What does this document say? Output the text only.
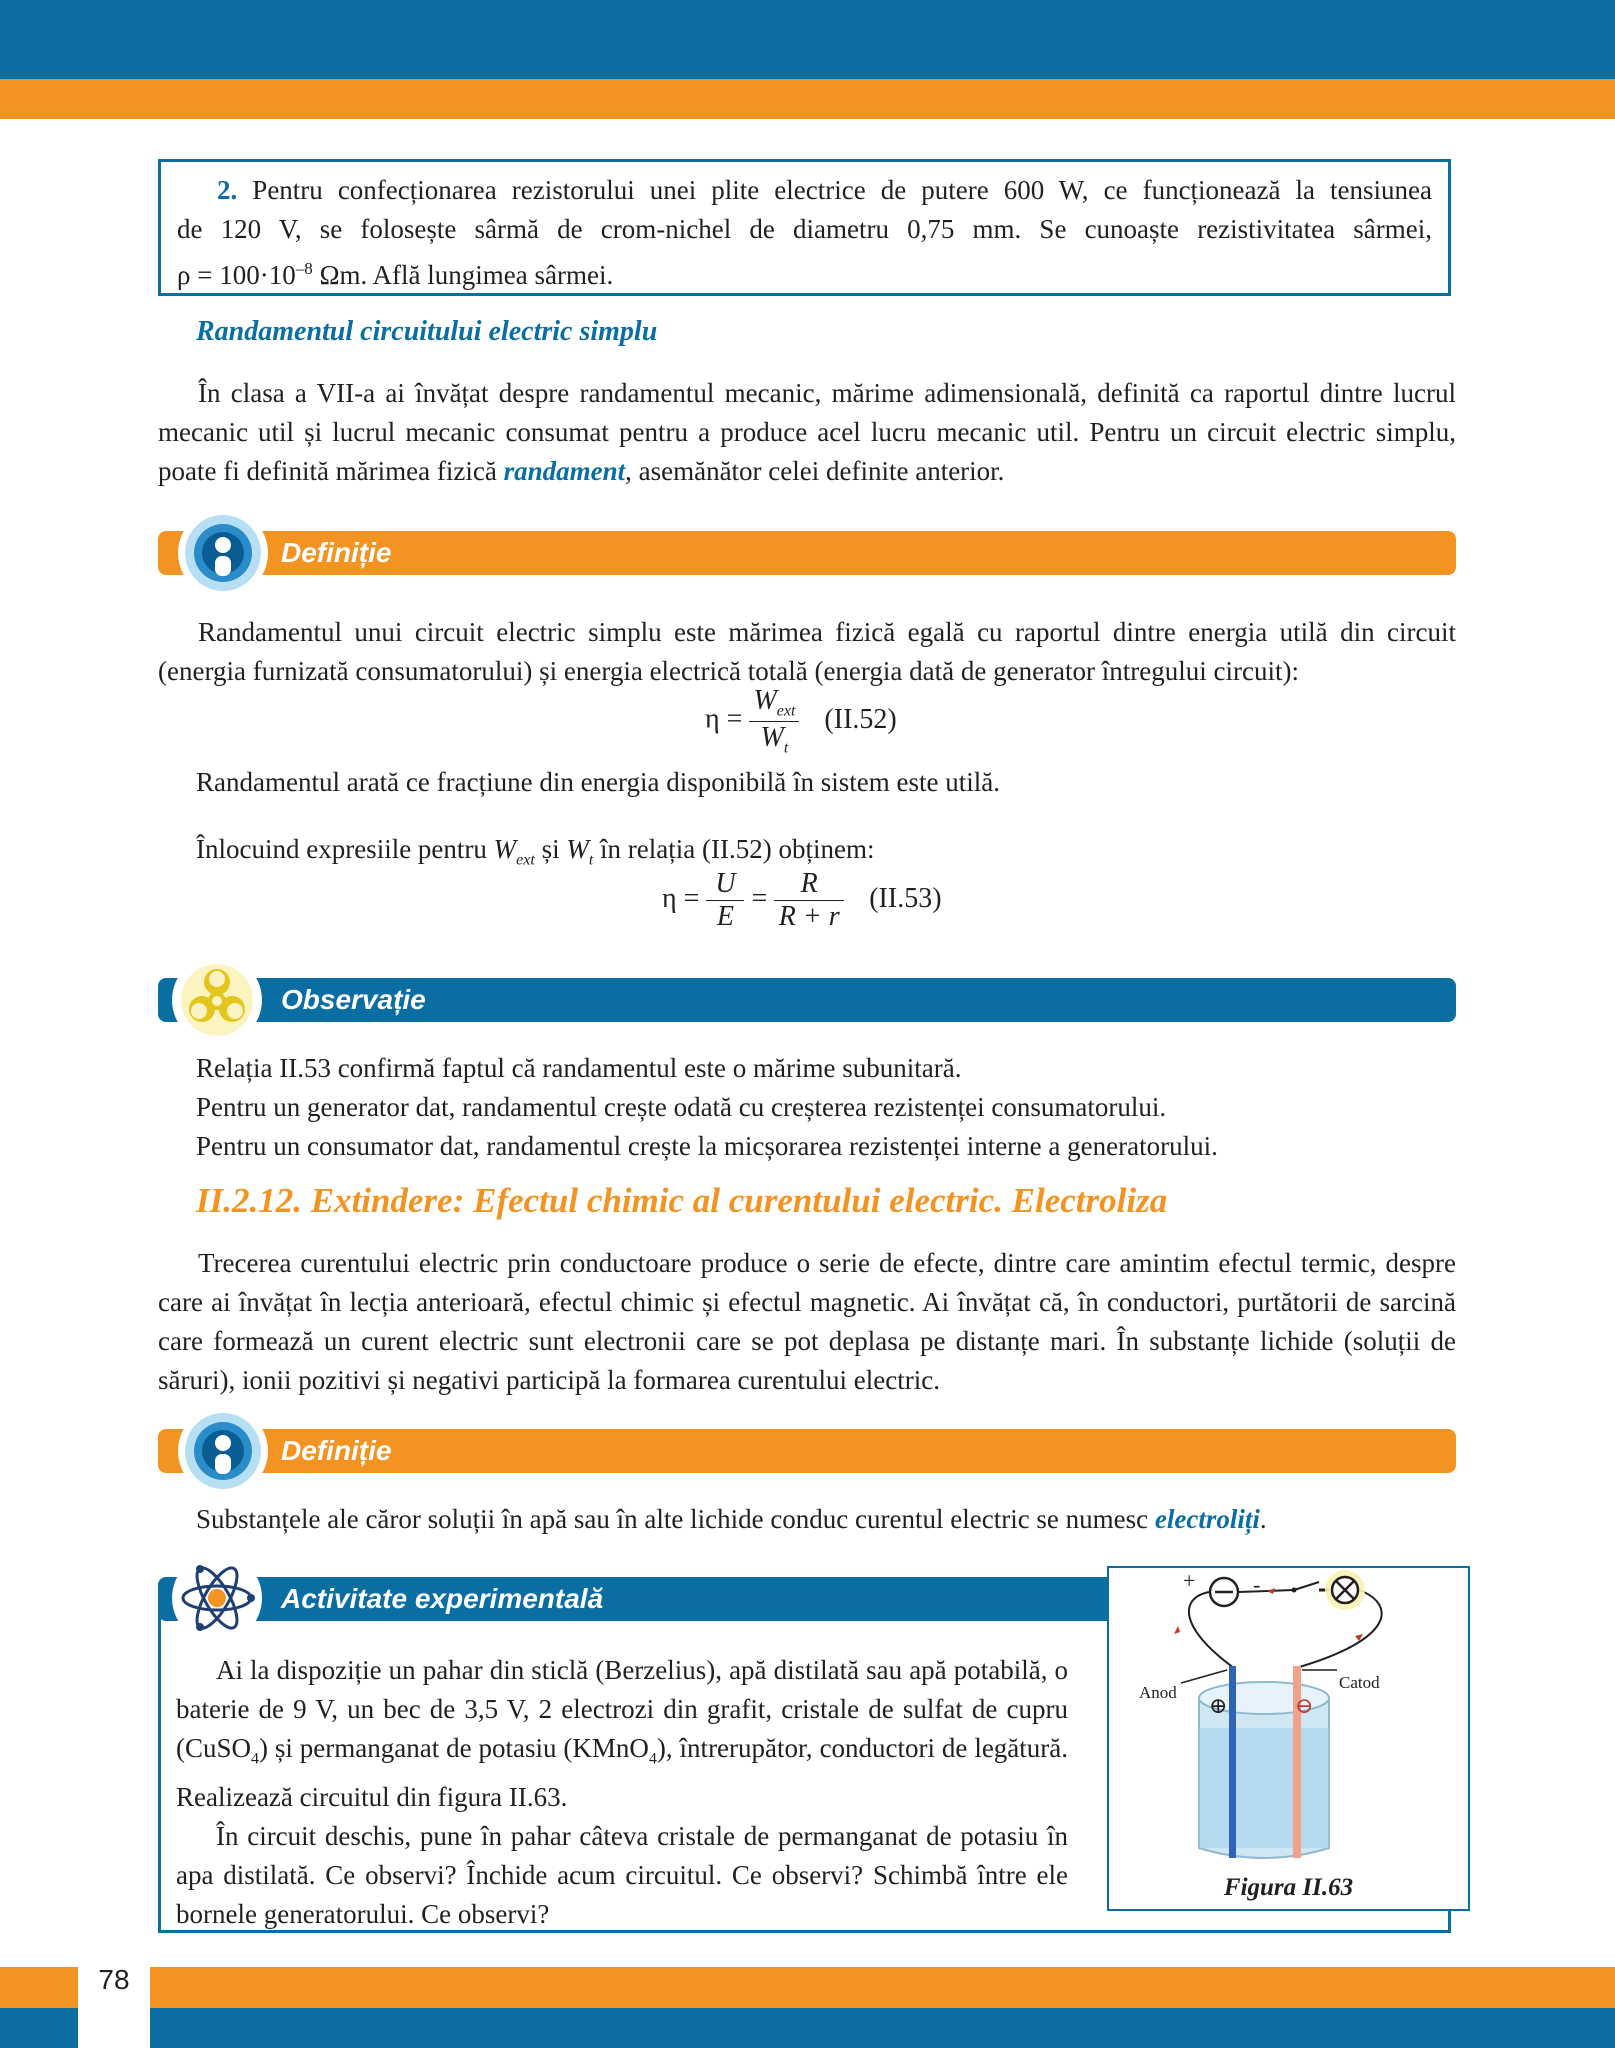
78
2. Pentru confecționarea rezistorului unei plite electrice de putere 600 W, ce funcționează la tensiunea
de 120 V, se folosește sârmă de crom-nichel de diametru 0,75 mm. Se cunoaște rezistivitatea sârmei,
$\rho = 100\cdot 10^{-8}$ Ωm. Află lungimea sârmei.
Randamentul circuitului electric simplu
În clasa a VII-a ai învățat despre randamentul mecanic, mărime adimensională, definită ca raportul dintre lucrul mecanic util și lucrul mecanic consumat pentru a produce acel lucru mecanic util. Pentru un circuit electric simplu, poate fi definită mărimea fizică randament, asemănător celei definite anterior.
Definiție
Randamentul unui circuit electric simplu este mărimea fizică egală cu raportul dintre energia utilă din circuit (energia furnizată consumatorului) și energia electrică totală (energia dată de generator întregului circuit):
$\eta = \frac{W_{ext}}{W_t} (II.52)$
Randamentul arată ce fracțiune din energia disponibilă în sistem este utilă.
Înlocuind expresiile pentru $W_{ext}$ și $W_t$ în relația (II.52) obținem:
$\eta = \frac{U}{E} = \frac{R}{R + r} (II.53)$
Observație
Relația II.53 confirmă faptul că randamentul este o mărime subunitară.
Pentru un generator dat, randamentul crește odată cu creșterea rezistenței consumatorului.
Pentru un consumator dat, randamentul crește la micșorarea rezistenței interne a generatorului.
II.2.12. Extindere: Efectul chimic al curentului electric. Electroliza
Trecerea curentului electric prin conductoare produce o serie de efecte, dintre care amintim efectul termic, despre care ai învățat în lecția anterioară, efectul chimic și efectul magnetic. Ai învățat că, în conductori, purtătorii de sarcină care formează un curent electric sunt electronii care se pot deplasa pe distanțe mari. În substanțe lichide (soluții de săruri), ionii pozitivi și negativi participă la formarea curentului electric.
Definiție
Substanțele ale căror soluții în apă sau în alte lichide conduc curentul electric se numesc electroliți.
Activitate experimentală
Ai la dispoziție un pahar din sticlă (Berzelius), apă distilată sau apă potabilă, o baterie de 9 V, un bec de 3,5 V, 2 electrozi din grafit, cristale de sulfat de cupru (CuSO$_4$) și permanganat de potasiu (KMnO$_4$), întrerupător, conductori de legătură. Realizează circuitul din figura II.63.
În circuit deschis, pune în pahar câteva cristale de permanganat de potasiu în apa distilată. Ce observi? Închide acum circuitul. Ce observi? Schimbă între ele bornele generatorului. Ce observi?
+	-
Anod
Catod
⊕	⊖
Figura II.63
